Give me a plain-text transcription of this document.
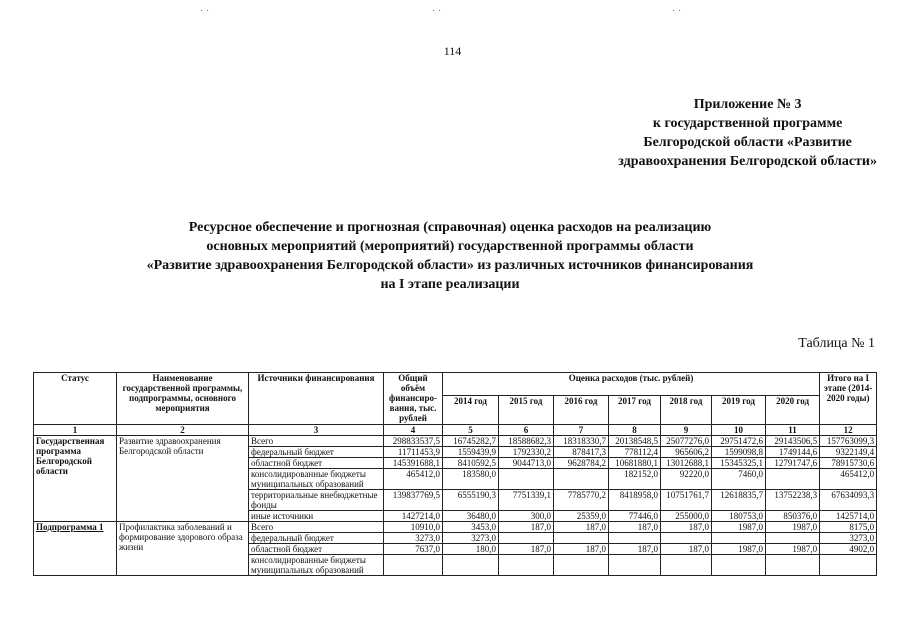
· ·	· ·	· ·
114
Приложение № 3
к государственной программе
Белгородской области «Развитие
здравоохранения Белгородской области»
Ресурсное обеспечение и прогнозная (справочная) оценка расходов на реализацию
основных мероприятий (мероприятий) государственной программы области
«Развитие здравоохранения Белгородской области» из различных источников финансирования
на I этапе реализации
Таблица № 1
Статус	Наименование государственной программы, подпрограммы, основного мероприятия	Источники финансирования	Общий объём финансиро-вания, тыс. рублей	Оценка расходов (тыс. рублей)							Итого на I этапе (2014-2020 годы)
				2014 год	2015 год	2016 год	2017 год	2018 год	2019 год	2020 год	
1	2	3	4	5	6	7	8	9	10	11	12
Государственная программа Белгородской области	Развитие здравоохранения Белгородской области	Всего	298833537,5	16745282,7	18588682,3	18318330,7	20138548,5	25077276,0	29751472,6	29143506,5	157763099,3
		федеральный бюджет	11711453,9	1559439,9	1792330,2	878417,3	778112,4	965606,2	1599098,8	1749144,6	9322149,4
		областной бюджет	145391688,1	8410592,5	9044713,0	9628784,2	10681880,1	13012688,1	15345325,1	12791747,6	78915730,6
		консолидированные бюджеты муниципальных образований	465412,0	183580,0			182152,0	92220,0	7460,0		465412,0
		территориальные внебюджетные фонды	139837769,5	6555190,3	7751339,1	7785770,2	8418958,0	10751761,7	12618835,7	13752238,3	67634093,3
		иные источники	1427214,0	36480,0	300,0	25359,0	77446,0	255000,0	180753,0	850376,0	1425714,0
Подпрограмма 1	Профилактика заболеваний и формирование здорового образа жизни	Всего	10910,0	3453,0	187,0	187,0	187,0	187,0	1987,0	1987,0	8175,0
		федеральный бюджет	3273,0	3273,0							3273,0
		областной бюджет	7637,0	180,0	187,0	187,0	187,0	187,0	1987,0	1987,0	4902,0
		консолидированные бюджеты муниципальных образований									
